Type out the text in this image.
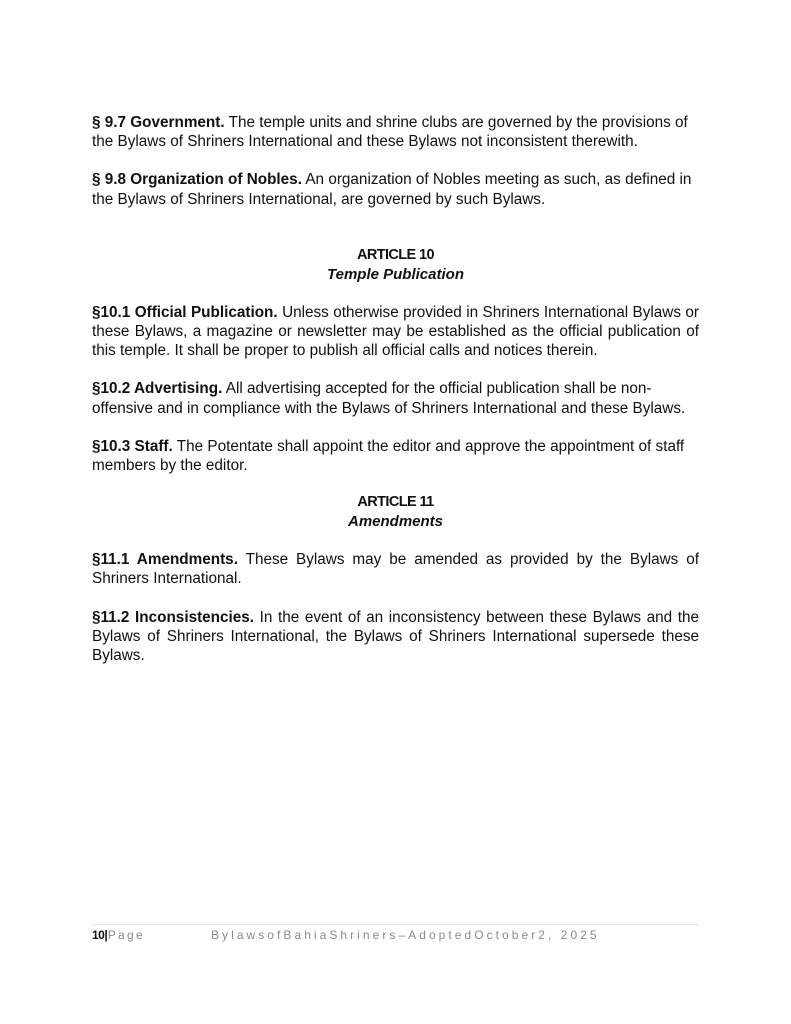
§ 9.7 Government. The temple units and shrine clubs are governed by the provisions of the Bylaws of Shriners International and these Bylaws not inconsistent therewith.

§ 9.8 Organization of Nobles. An organization of Nobles meeting as such, as defined in the Bylaws of Shriners International, are governed by such Bylaws.

ARTICLE 10
Temple Publication

§10.1 Official Publication. Unless otherwise provided in Shriners International Bylaws or these Bylaws, a magazine or newsletter may be established as the official publication of this temple. It shall be proper to publish all official calls and notices therein.

§10.2 Advertising. All advertising accepted for the official publication shall be non-offensive and in compliance with the Bylaws of Shriners International and these Bylaws.

§10.3 Staff. The Potentate shall appoint the editor and approve the appointment of staff members by the editor.

ARTICLE 11
Amendments

§11.1 Amendments. These Bylaws may be amended as provided by the Bylaws of Shriners International.

§11.2 Inconsistencies. In the event of an inconsistency between these Bylaws and the Bylaws of Shriners International, the Bylaws of Shriners International supersede these Bylaws.

10|Page	BylawsofBahiaShriners–AdoptedOctober2, 2025
